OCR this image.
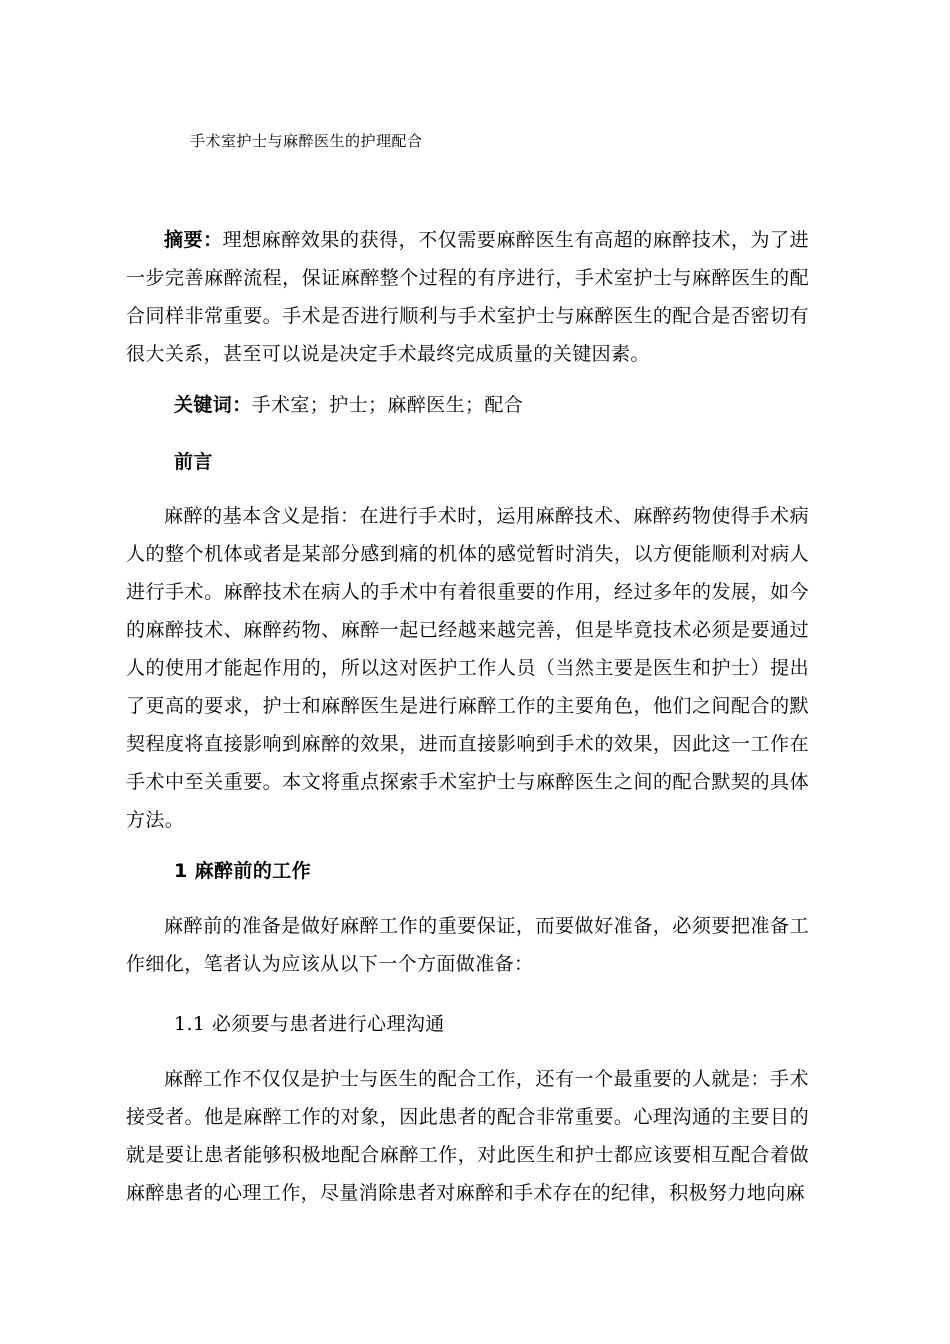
手术室护士与麻醉医生的护理配合
摘要：理想麻醉效果的获得，不仅需要麻醉医生有高超的麻醉技术，为了进一步完善麻醉流程，保证麻醉整个过程的有序进行，手术室护士与麻醉医生的配合同样非常重要。手术是否进行顺利与手术室护士与麻醉医生的配合是否密切有很大关系，甚至可以说是决定手术最终完成质量的关键因素。
关键词：手术室；护士；麻醉医生；配合
前言
麻醉的基本含义是指：在进行手术时，运用麻醉技术、麻醉药物使得手术病人的整个机体或者是某部分感到痛的机体的感觉暂时消失，以方便能顺利对病人进行手术。麻醉技术在病人的手术中有着很重要的作用，经过多年的发展，如今的麻醉技术、麻醉药物、麻醉一起已经越来越完善，但是毕竟技术必须是要通过人的使用才能起作用的，所以这对医护工作人员（当然主要是医生和护士）提出了更高的要求，护士和麻醉医生是进行麻醉工作的主要角色，他们之间配合的默契程度将直接影响到麻醉的效果，进而直接影响到手术的效果，因此这一工作在手术中至关重要。本文将重点探索手术室护士与麻醉医生之间的配合默契的具体方法。
1 麻醉前的工作
麻醉前的准备是做好麻醉工作的重要保证，而要做好准备，必须要把准备工作细化，笔者认为应该从以下一个方面做准备：
1.1 必须要与患者进行心理沟通
麻醉工作不仅仅是护士与医生的配合工作，还有一个最重要的人就是：手术接受者。他是麻醉工作的对象，因此患者的配合非常重要。心理沟通的主要目的就是要让患者能够积极地配合麻醉工作，对此医生和护士都应该要相互配合着做麻醉患者的心理工作，尽量消除患者对麻醉和手术存在的纪律，积极努力地向麻
